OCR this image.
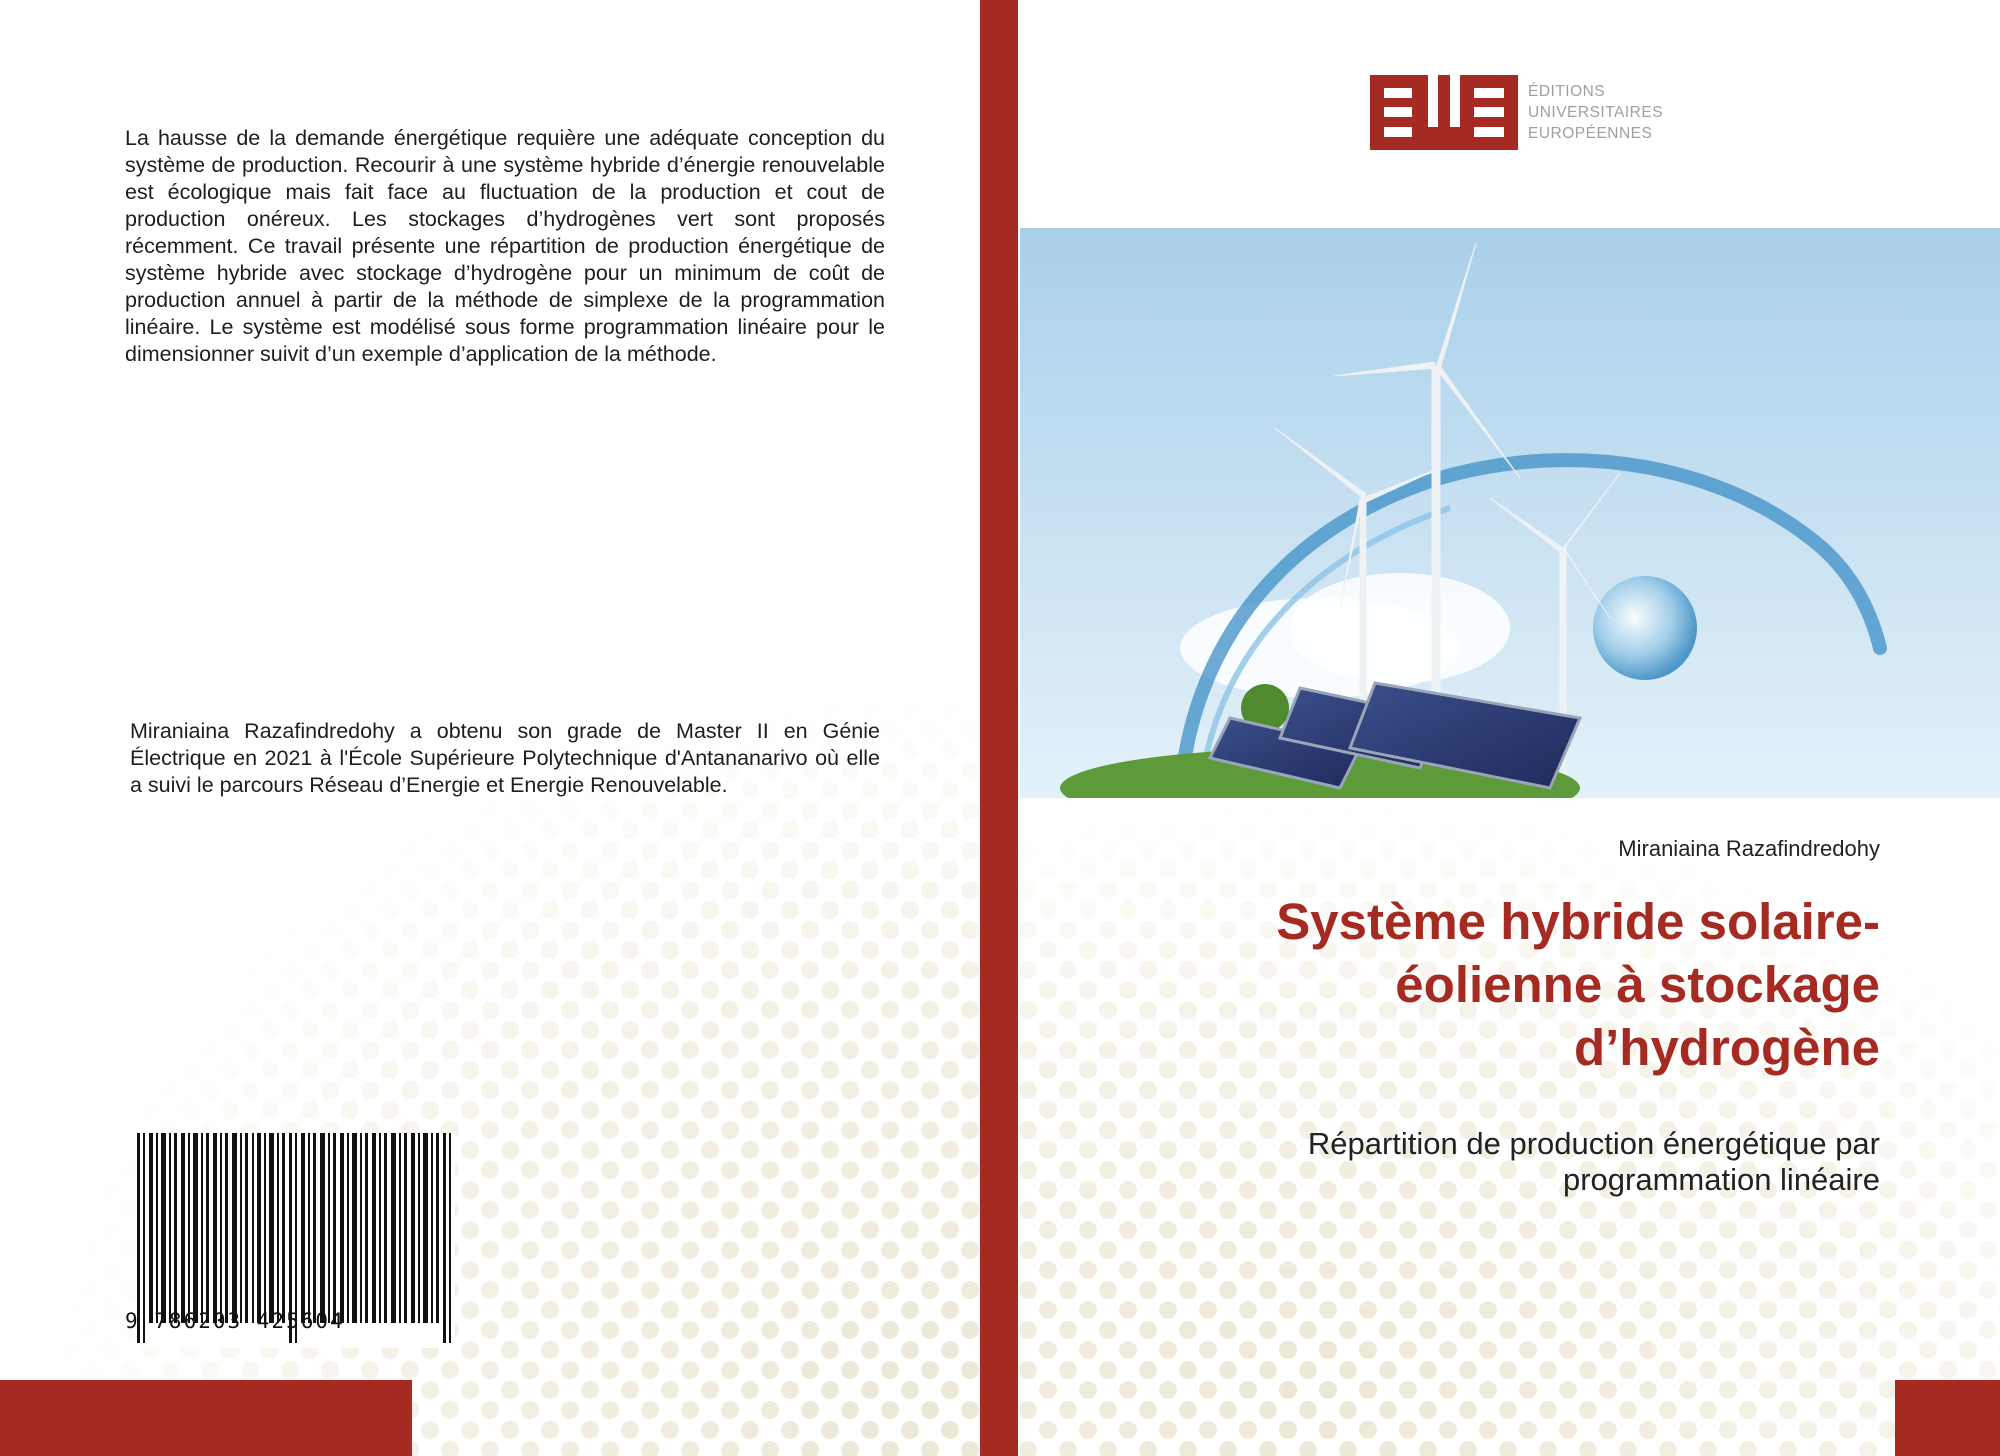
La hausse de la demande énergétique requière une adéquate conception du système de production. Recourir à une système hybride d’énergie renouvelable est écologique mais fait face au fluctuation de la production et cout de production onéreux. Les stockages d’hydrogènes vert sont proposés récemment. Ce travail présente une répartition de production énergétique de système hybride avec stockage d’hydrogène pour un minimum de coût de production annuel à partir de la méthode de simplexe de la programmation linéaire. Le système est modélisé sous forme programmation linéaire pour le dimensionner suivit d’un exemple d’application de la méthode.

Miraniaina Razafindredohy a obtenu son grade de Master II en Génie Électrique en 2021 à l'École Supérieure Polytechnique d'Antananarivo où elle a suivi le parcours Réseau d’Energie et Energie Renouvelable.

9 786203 425604
ÉDITIONS
UNIVERSITAIRES
EUROPÉENNES
Miraniaina Razafindredohy
Système hybride solaire-éolienne à stockage d’hydrogène

Répartition de production énergétique par programmation linéaire
